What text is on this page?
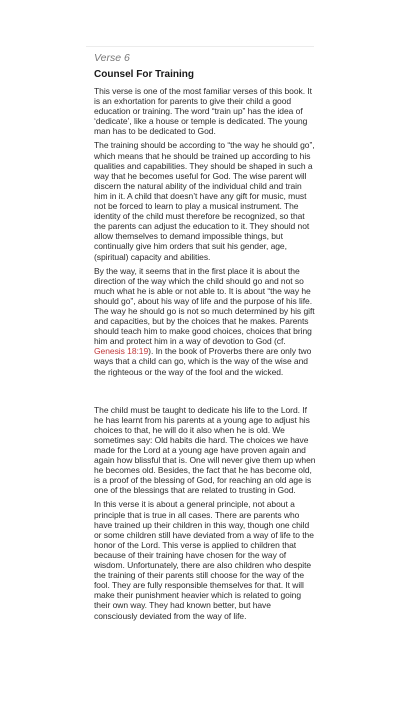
Verse 6
Counsel For Training

This verse is one of the most familiar verses of this book. It is an exhortation for parents to give their child a good education or training. The word “train up” has the idea of ‘dedicate’, like a house or temple is dedicated. The young man has to be dedicated to God.

The training should be according to “the way he should go”, which means that he should be trained up according to his qualities and capabilities. They should be shaped in such a way that he becomes useful for God. The wise parent will discern the natural ability of the individual child and train him in it. A child that doesn’t have any gift for music, must not be forced to learn to play a musical instrument. The identity of the child must therefore be recognized, so that the parents can adjust the education to it. They should not allow themselves to demand impossible things, but continually give him orders that suit his gender, age, (spiritual) capacity and abilities.

By the way, it seems that in the first place it is about the direction of the way which the child should go and not so much what he is able or not able to. It is about “the way he should go”, about his way of life and the purpose of his life. The way he should go is not so much determined by his gift and capacities, but by the choices that he makes. Parents should teach him to make good choices, choices that bring him and protect him in a way of devotion to God (cf. Genesis 18:19). In the book of Proverbs there are only two ways that a child can go, which is the way of the wise and the righteous or the way of the fool and the wicked.

The child must be taught to dedicate his life to the Lord. If he has learnt from his parents at a young age to adjust his choices to that, he will do it also when he is old. We sometimes say: Old habits die hard. The choices we have made for the Lord at a young age have proven again and again how blissful that is. One will never give them up when he becomes old. Besides, the fact that he has become old, is a proof of the blessing of God, for reaching an old age is one of the blessings that are related to trusting in God.

In this verse it is about a general principle, not about a principle that is true in all cases. There are parents who have trained up their children in this way, though one child or some children still have deviated from a way of life to the honor of the Lord. This verse is applied to children that because of their training have chosen for the way of wisdom. Unfortunately, there are also children who despite the training of their parents still choose for the way of the fool. They are fully responsible themselves for that. It will make their punishment heavier which is related to going their own way. They had known better, but have consciously deviated from the way of life.
